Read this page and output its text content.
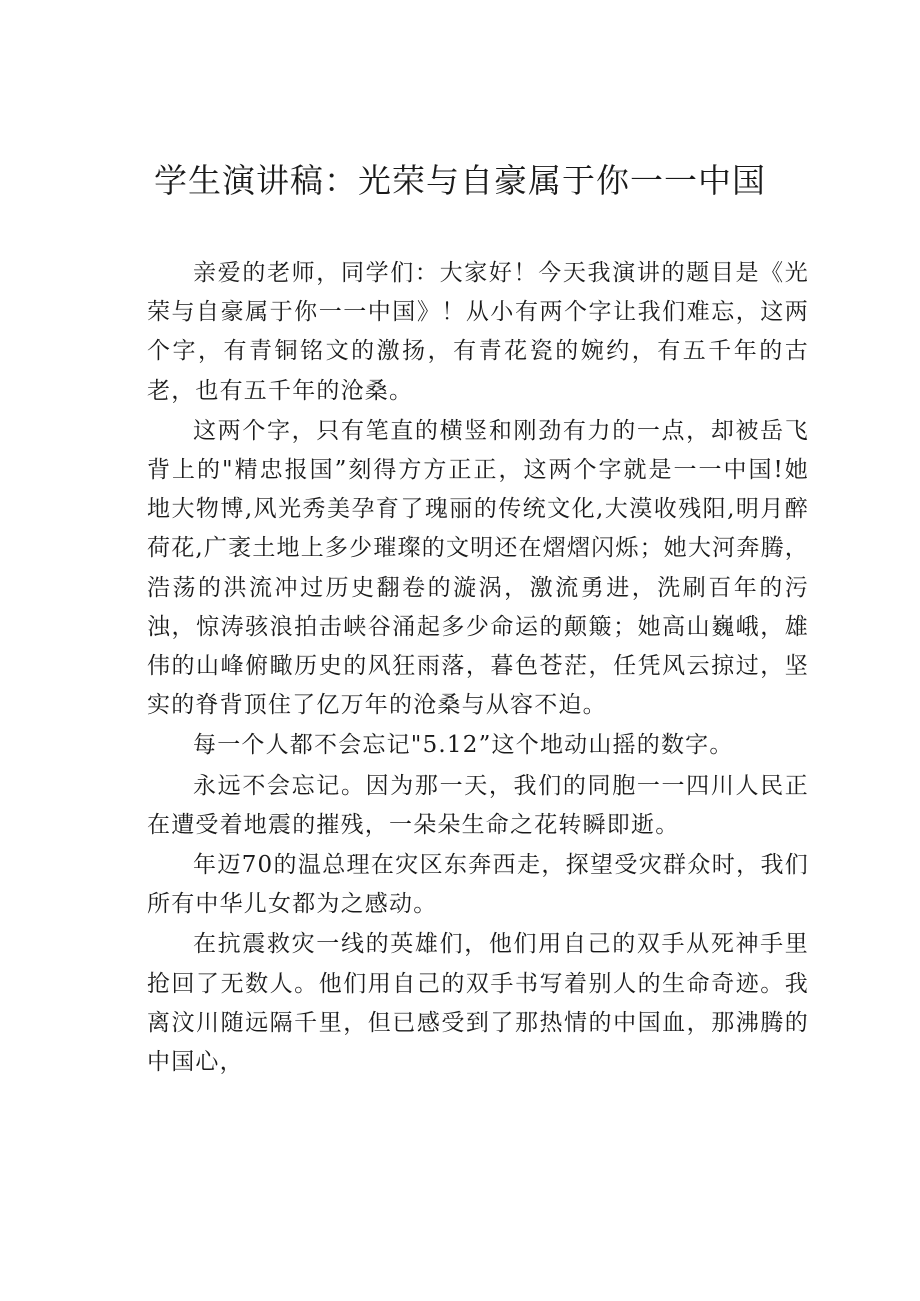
学生演讲稿：光荣与自豪属于你一一中国

亲爱的老师，同学们：大家好！今天我演讲的题目是《光荣与自豪属于你一一中国》！从小有两个字让我们难忘，这两个字，有青铜铭文的激扬，有青花瓷的婉约，有五千年的古老，也有五千年的沧桑。

这两个字，只有笔直的横竖和刚劲有力的一点，却被岳飞背上的"精忠报国”刻得方方正正，这两个字就是一一中国!她地大物博,风光秀美孕育了瑰丽的传统文化,大漠收残阳,明月醉荷花,广袤土地上多少璀璨的文明还在熠熠闪烁；她大河奔腾，浩荡的洪流冲过历史翻卷的漩涡，激流勇进，洗刷百年的污浊，惊涛骇浪拍击峡谷涌起多少命运的颠簸；她高山巍峨，雄伟的山峰俯瞰历史的风狂雨落，暮色苍茫，任凭风云掠过，坚实的脊背顶住了亿万年的沧桑与从容不迫。

每一个人都不会忘记"5.12”这个地动山摇的数字。

永远不会忘记。因为那一天，我们的同胞一一四川人民正在遭受着地震的摧残，一朵朵生命之花转瞬即逝。

年迈70的温总理在灾区东奔西走，探望受灾群众时，我们所有中华儿女都为之感动。

在抗震救灾一线的英雄们，他们用自己的双手从死神手里抢回了无数人。他们用自己的双手书写着别人的生命奇迹。我离汶川随远隔千里，但已感受到了那热情的中国血，那沸腾的中国心，
